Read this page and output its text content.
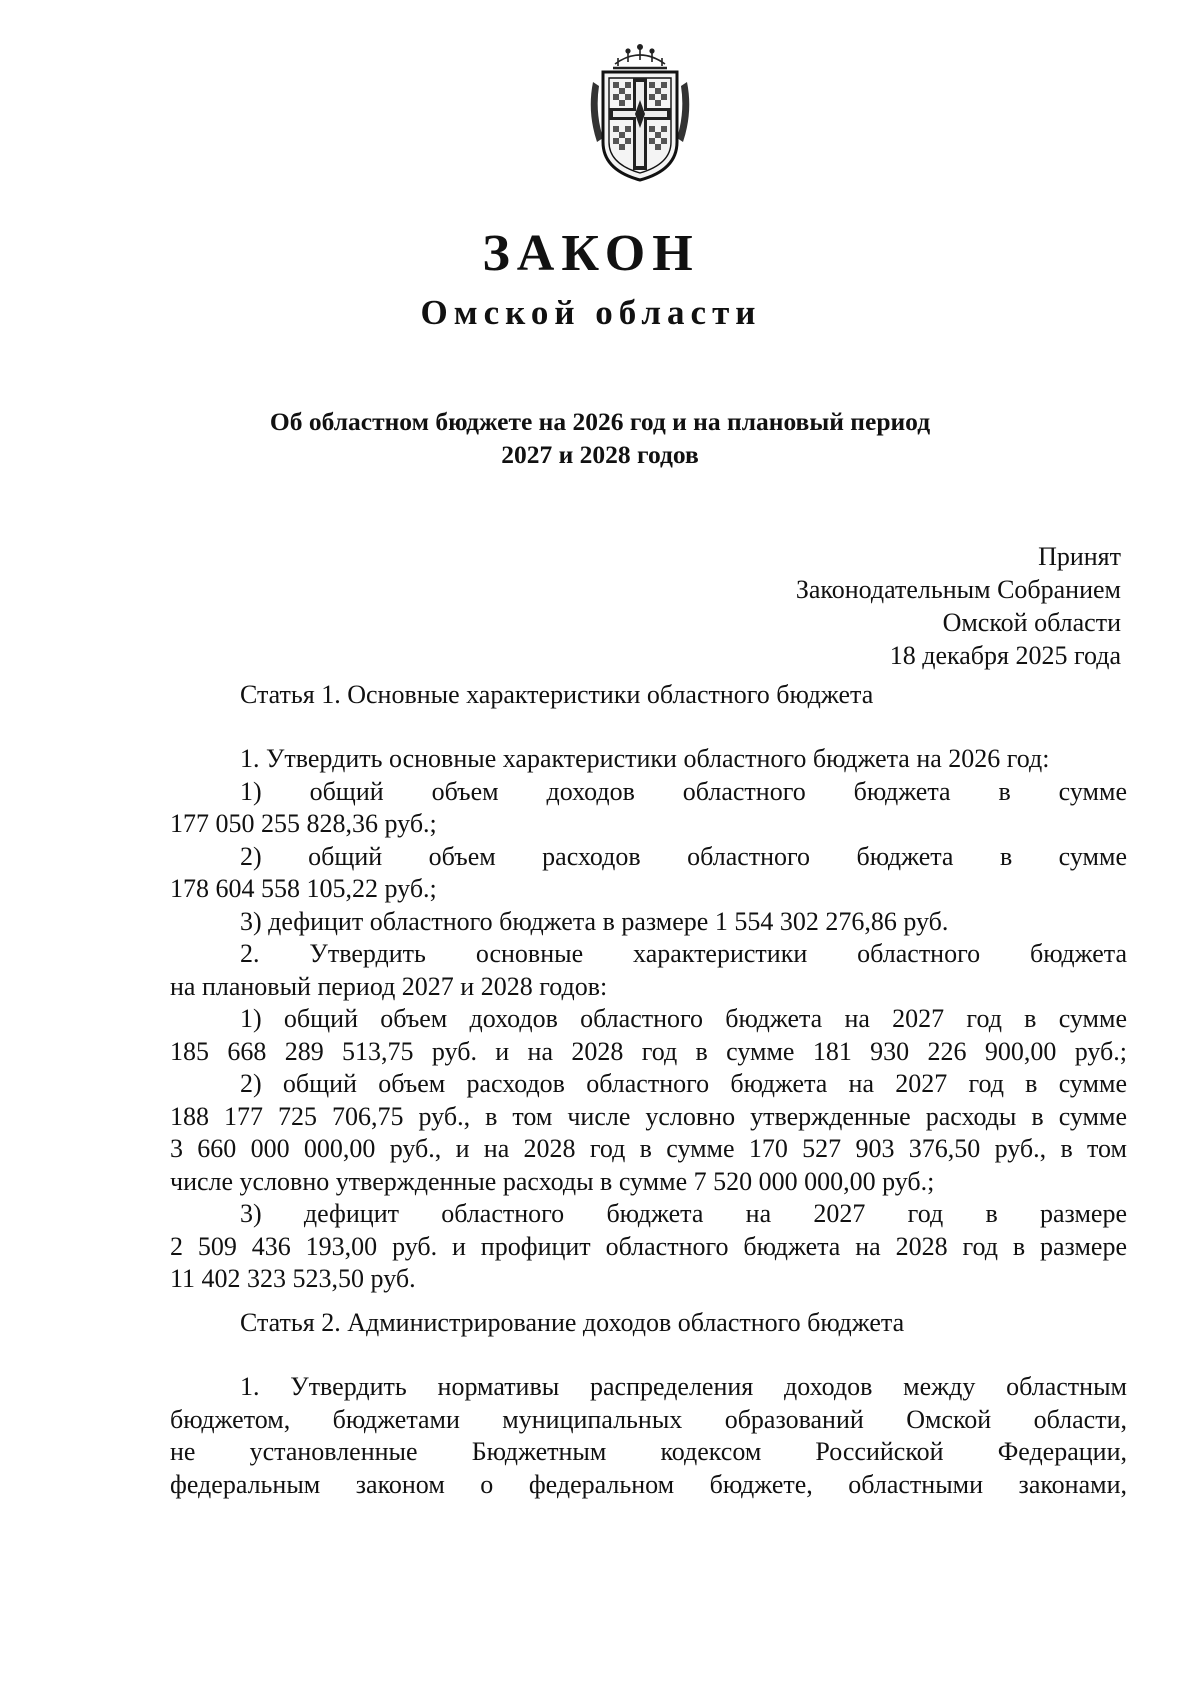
ЗАКОН
Омской области
Об областном бюджете на 2026 год и на плановый период
2027 и 2028 годов
Принят
Законодательным Собранием
Омской области
18 декабря 2025 года
Статья 1. Основные характеристики областного бюджета

1. Утвердить основные характеристики областного бюджета на 2026 год:

1) общий объем доходов областного бюджета в сумме

177 050 255 828,36 руб.;

2) общий объем расходов областного бюджета в сумме

178 604 558 105,22 руб.;

3) дефицит областного бюджета в размере 1 554 302 276,86 руб.

2. Утвердить основные характеристики областного бюджета

на плановый период 2027 и 2028 годов:

1) общий объем доходов областного бюджета на 2027 год в сумме

185 668 289 513,75 руб. и на 2028 год в сумме 181 930 226 900,00 руб.;

2) общий объем расходов областного бюджета на 2027 год в сумме

188 177 725 706,75 руб., в том числе условно утвержденные расходы в сумме

3 660 000 000,00 руб., и на 2028 год в сумме 170 527 903 376,50 руб., в том

числе условно утвержденные расходы в сумме 7 520 000 000,00 руб.;

3) дефицит областного бюджета на 2027 год в размере

2 509 436 193,00 руб. и профицит областного бюджета на 2028 год в размере

11 402 323 523,50 руб.

Статья 2. Администрирование доходов областного бюджета

1. Утвердить нормативы распределения доходов между областным

бюджетом, бюджетами муниципальных образований Омской области,

не установленные Бюджетным кодексом Российской Федерации,

федеральным законом о федеральном бюджете, областными законами,
